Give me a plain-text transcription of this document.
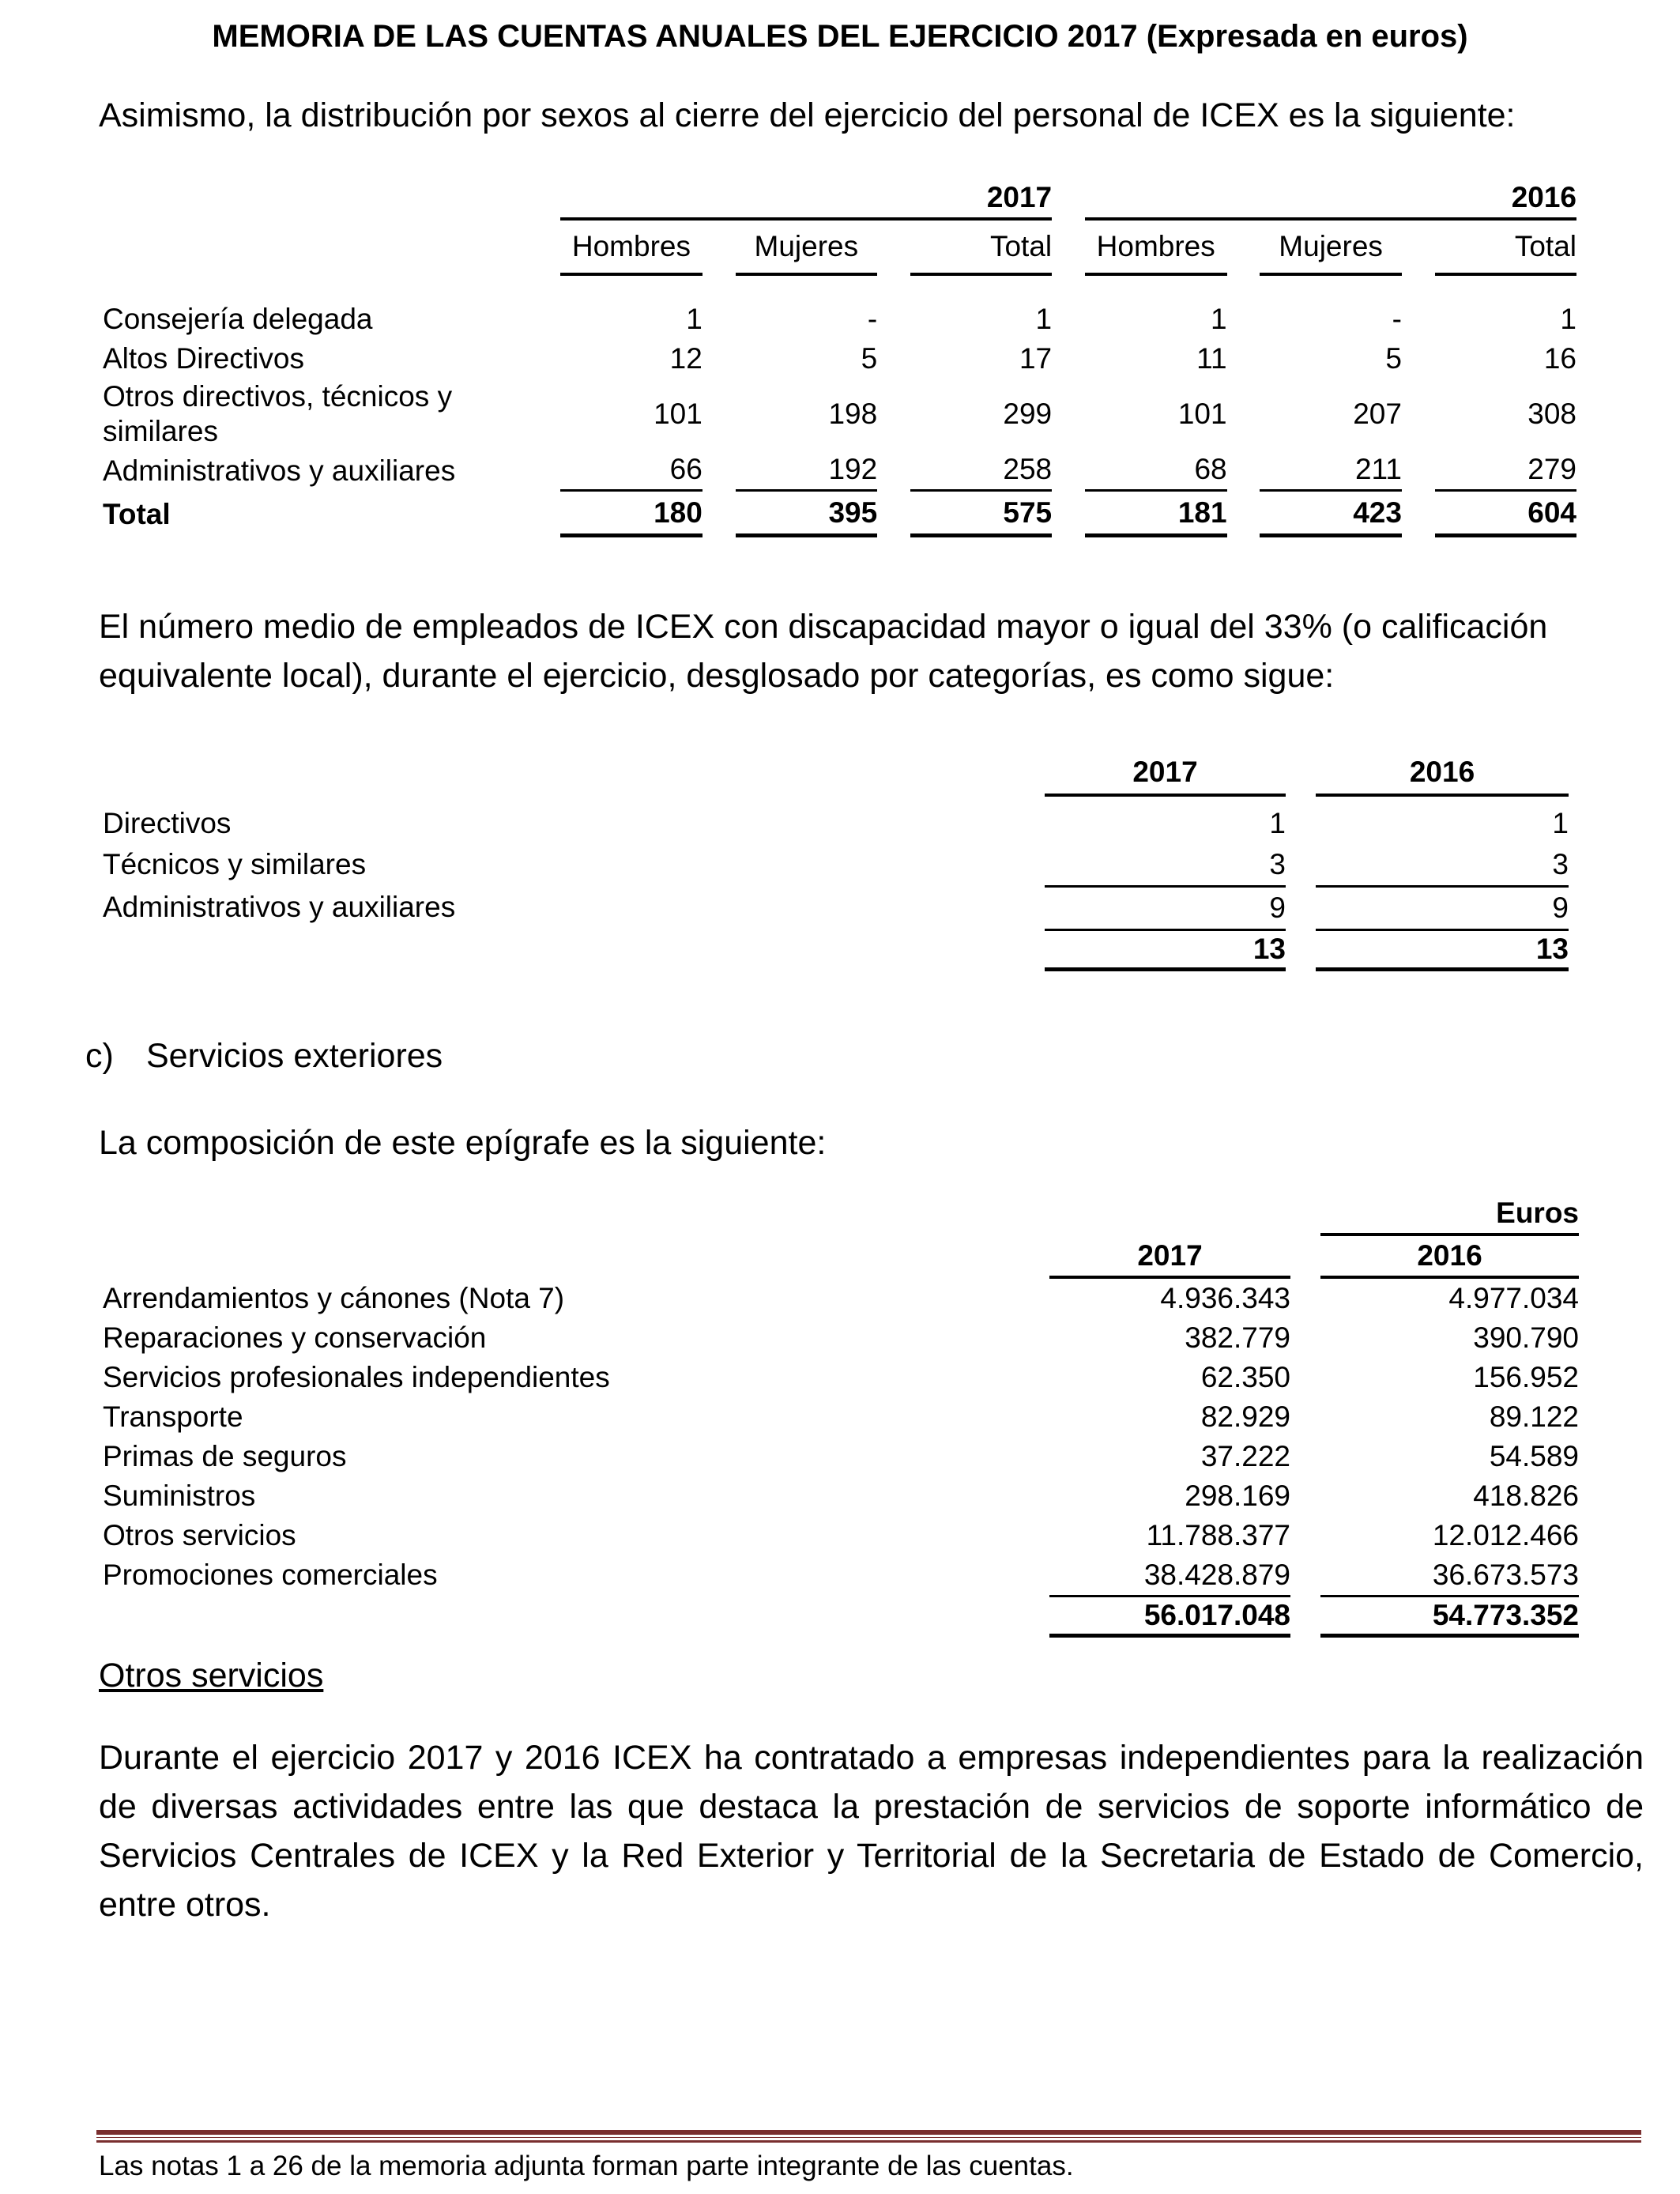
MEMORIA DE LAS CUENTAS ANUALES DEL EJERCICIO 2017 (Expresada en euros)
Asimismo, la distribución por sexos al cierre del ejercicio del personal de ICEX es la siguiente:
	2017						2016				
	Hombres		Mujeres		Total		Hombres		Mujeres		Total

Consejería delegada	1		-		1		1		-		1
Altos Directivos	12		5		17		11		5		16

Otros directivos, técnicos y
similares	101		198		299		101		207		308
Administrativos y auxiliares	66		192		258		68		211		279
Total	180		395		575		181		423		604
El número medio de empleados de ICEX con discapacidad mayor o igual del 33% (o calificación equivalente local), durante el ejercicio, desglosado por categorías, es como sigue:
	2017		2016

Directivos	1		1
Técnicos y similares	3		3
Administrativos y auxiliares	9		9
	13		13
c) Servicios exteriores
La composición de este epígrafe es la siguiente:
			Euros
	2017		2016
Arrendamientos y cánones (Nota 7)	4.936.343		4.977.034
Reparaciones y conservación	382.779		390.790
Servicios profesionales independientes	62.350		156.952
Transporte	82.929		89.122
Primas de seguros	37.222		54.589
Suministros	298.169		418.826
Otros servicios	11.788.377		12.012.466
Promociones comerciales	38.428.879		36.673.573
	56.017.048		54.773.352
Otros servicios
Durante el ejercicio 2017 y 2016 ICEX ha contratado a empresas independientes para la realización de diversas actividades entre las que destaca la prestación de servicios de soporte informático de Servicios Centrales de ICEX y la Red Exterior y Territorial de la Secretaria de Estado de Comercio, entre otros.
Las notas 1 a 26 de la memoria adjunta forman parte integrante de las cuentas.
